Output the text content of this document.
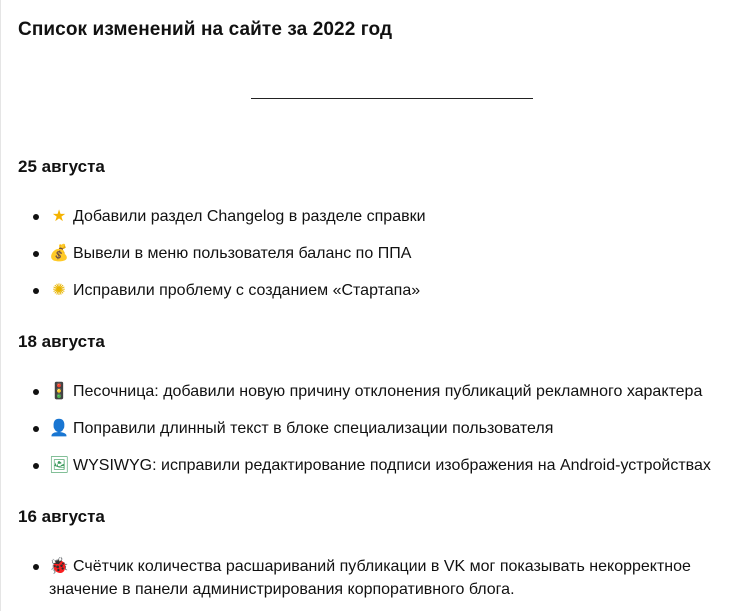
Список изменений на сайте за 2022 год
25 августа
★ Добавили раздел Changelog в разделе справки
💰 Вывели в меню пользователя баланс по ППА
✺ Исправили проблему с созданием «Стартапа»
18 августа
🚦 Песочница: добавили новую причину отклонения публикаций рекламного характера
👤 Поправили длинный текст в блоке специализации пользователя
🖼 WYSIWYG: исправили редактирование подписи изображения на Android-устройствах
16 августа
🐞 Счётчик количества расшариваний публикации в VK мог показывать некорректное значение в панели администрирования корпоративного блога.
